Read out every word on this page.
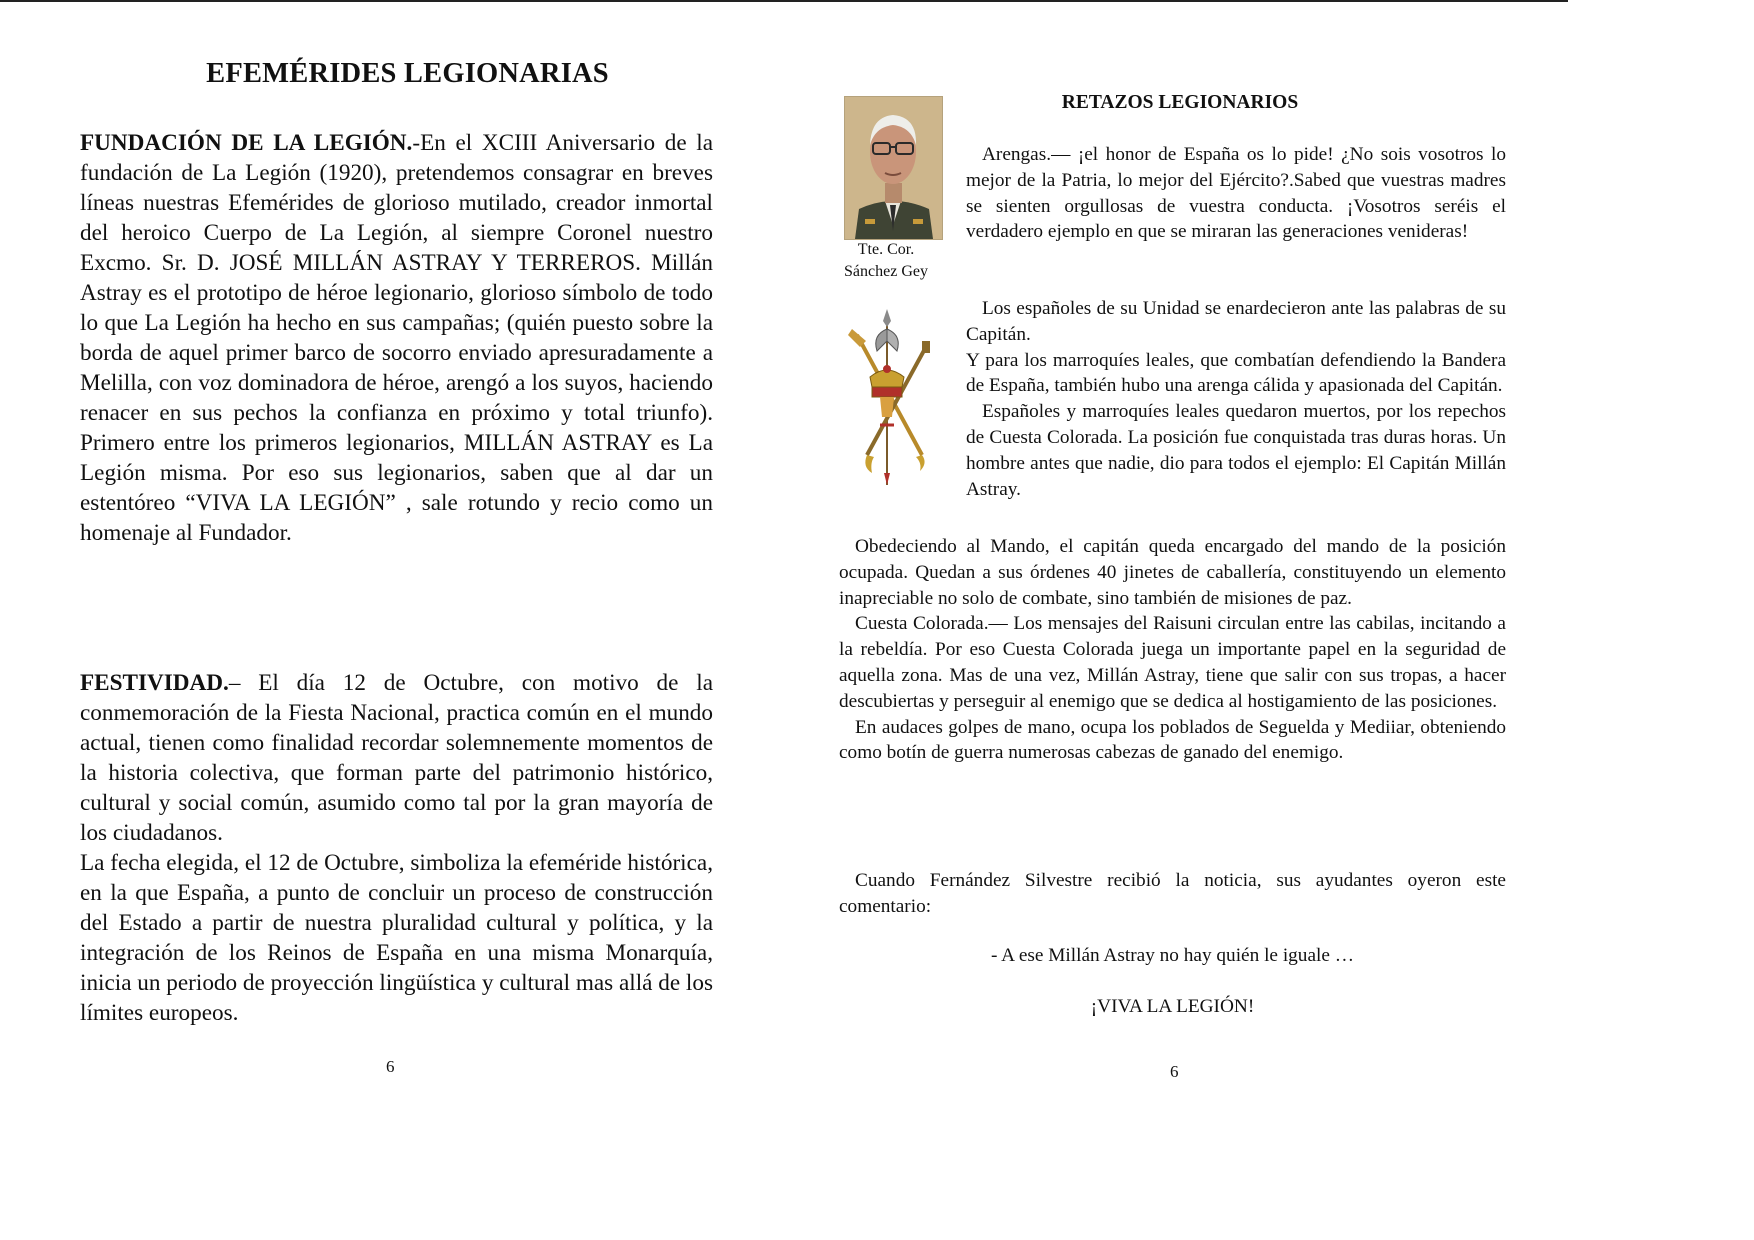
EFEMÉRIDES LEGIONARIAS

FUNDACIÓN DE LA LEGIÓN.-En el XCIII Aniversario de la fundación de La Legión (1920), pretendemos consagrar en breves líneas nuestras Efemérides de glorioso mutilado, creador inmortal del heroico Cuerpo de La Legión, al siempre Coronel nuestro Excmo. Sr. D. JOSÉ MILLÁN ASTRAY Y TERREROS. Millán Astray es el prototipo de héroe legionario, glorioso símbolo de todo lo que La Legión ha hecho en sus campañas; (quién puesto sobre la borda de aquel primer barco de socorro enviado apresuradamente a Melilla, con voz dominadora de héroe, arengó a los suyos, haciendo renacer en sus pechos la confianza en próximo y total triunfo). Primero entre los primeros legionarios, MILLÁN ASTRAY es La Legión misma. Por eso sus legionarios, saben que al dar un estentóreo “VIVA LA LEGIÓN” , sale rotundo y recio como un homenaje al Fundador.

FESTIVIDAD.– El día 12 de Octubre, con motivo de la conmemoración de la Fiesta Nacional, practica común en el mundo actual, tienen como finalidad recordar solemnemente momentos de la historia colectiva, que forman parte del patrimonio histórico, cultural y social común, asumido como tal por la gran mayoría de los ciudadanos.

La fecha elegida, el 12 de Octubre, simboliza la efeméride histórica, en la que España, a punto de concluir un proceso de construcción del Estado a partir de nuestra pluralidad cultural y política, y la integración de los Reinos de España en una misma Monarquía, inicia un periodo de proyección lingüística y cultural mas allá de los límites europeos.

6
Tte. Cor.
Sánchez Gey
RETAZOS LEGIONARIOS

Arengas.— ¡el honor de España os lo pide! ¿No sois vosotros lo mejor de la Patria, lo mejor del Ejército?.Sabed que vuestras madres se sienten orgullosas de vuestra conducta. ¡Vosotros seréis el verdadero ejemplo en que se miraran las generaciones venideras!

Los españoles de su Unidad se enardecieron ante las palabras de su Capitán.

Y para los marroquíes leales, que combatían defendiendo la Bandera de España, también hubo una arenga cálida y apasionada del Capitán.

Españoles y marroquíes leales quedaron muertos, por los repechos de Cuesta Colorada. La posición fue conquistada tras duras horas. Un hombre antes que nadie, dio para todos el ejemplo: El Capitán Millán Astray.

Obedeciendo al Mando, el capitán queda encargado del mando de la posición ocupada. Quedan a sus órdenes 40 jinetes de caballería, constituyendo un elemento inapreciable no solo de combate, sino también de misiones de paz.

Cuesta Colorada.— Los mensajes del Raisuni circulan entre las cabilas, incitando a la rebeldía. Por eso Cuesta Colorada juega un importante papel en la seguridad de aquella zona. Mas de una vez, Millán Astray, tiene que salir con sus tropas, a hacer descubiertas y perseguir al enemigo que se dedica al hostigamiento de las posiciones.

En audaces golpes de mano, ocupa los poblados de Seguelda y Mediiar, obteniendo como botín de guerra numerosas cabezas de ganado del enemigo.

Cuando Fernández Silvestre recibió la noticia, sus ayudantes oyeron este comentario:

- A ese Millán Astray no hay quién le iguale …
¡VIVA LA LEGIÓN!
6
